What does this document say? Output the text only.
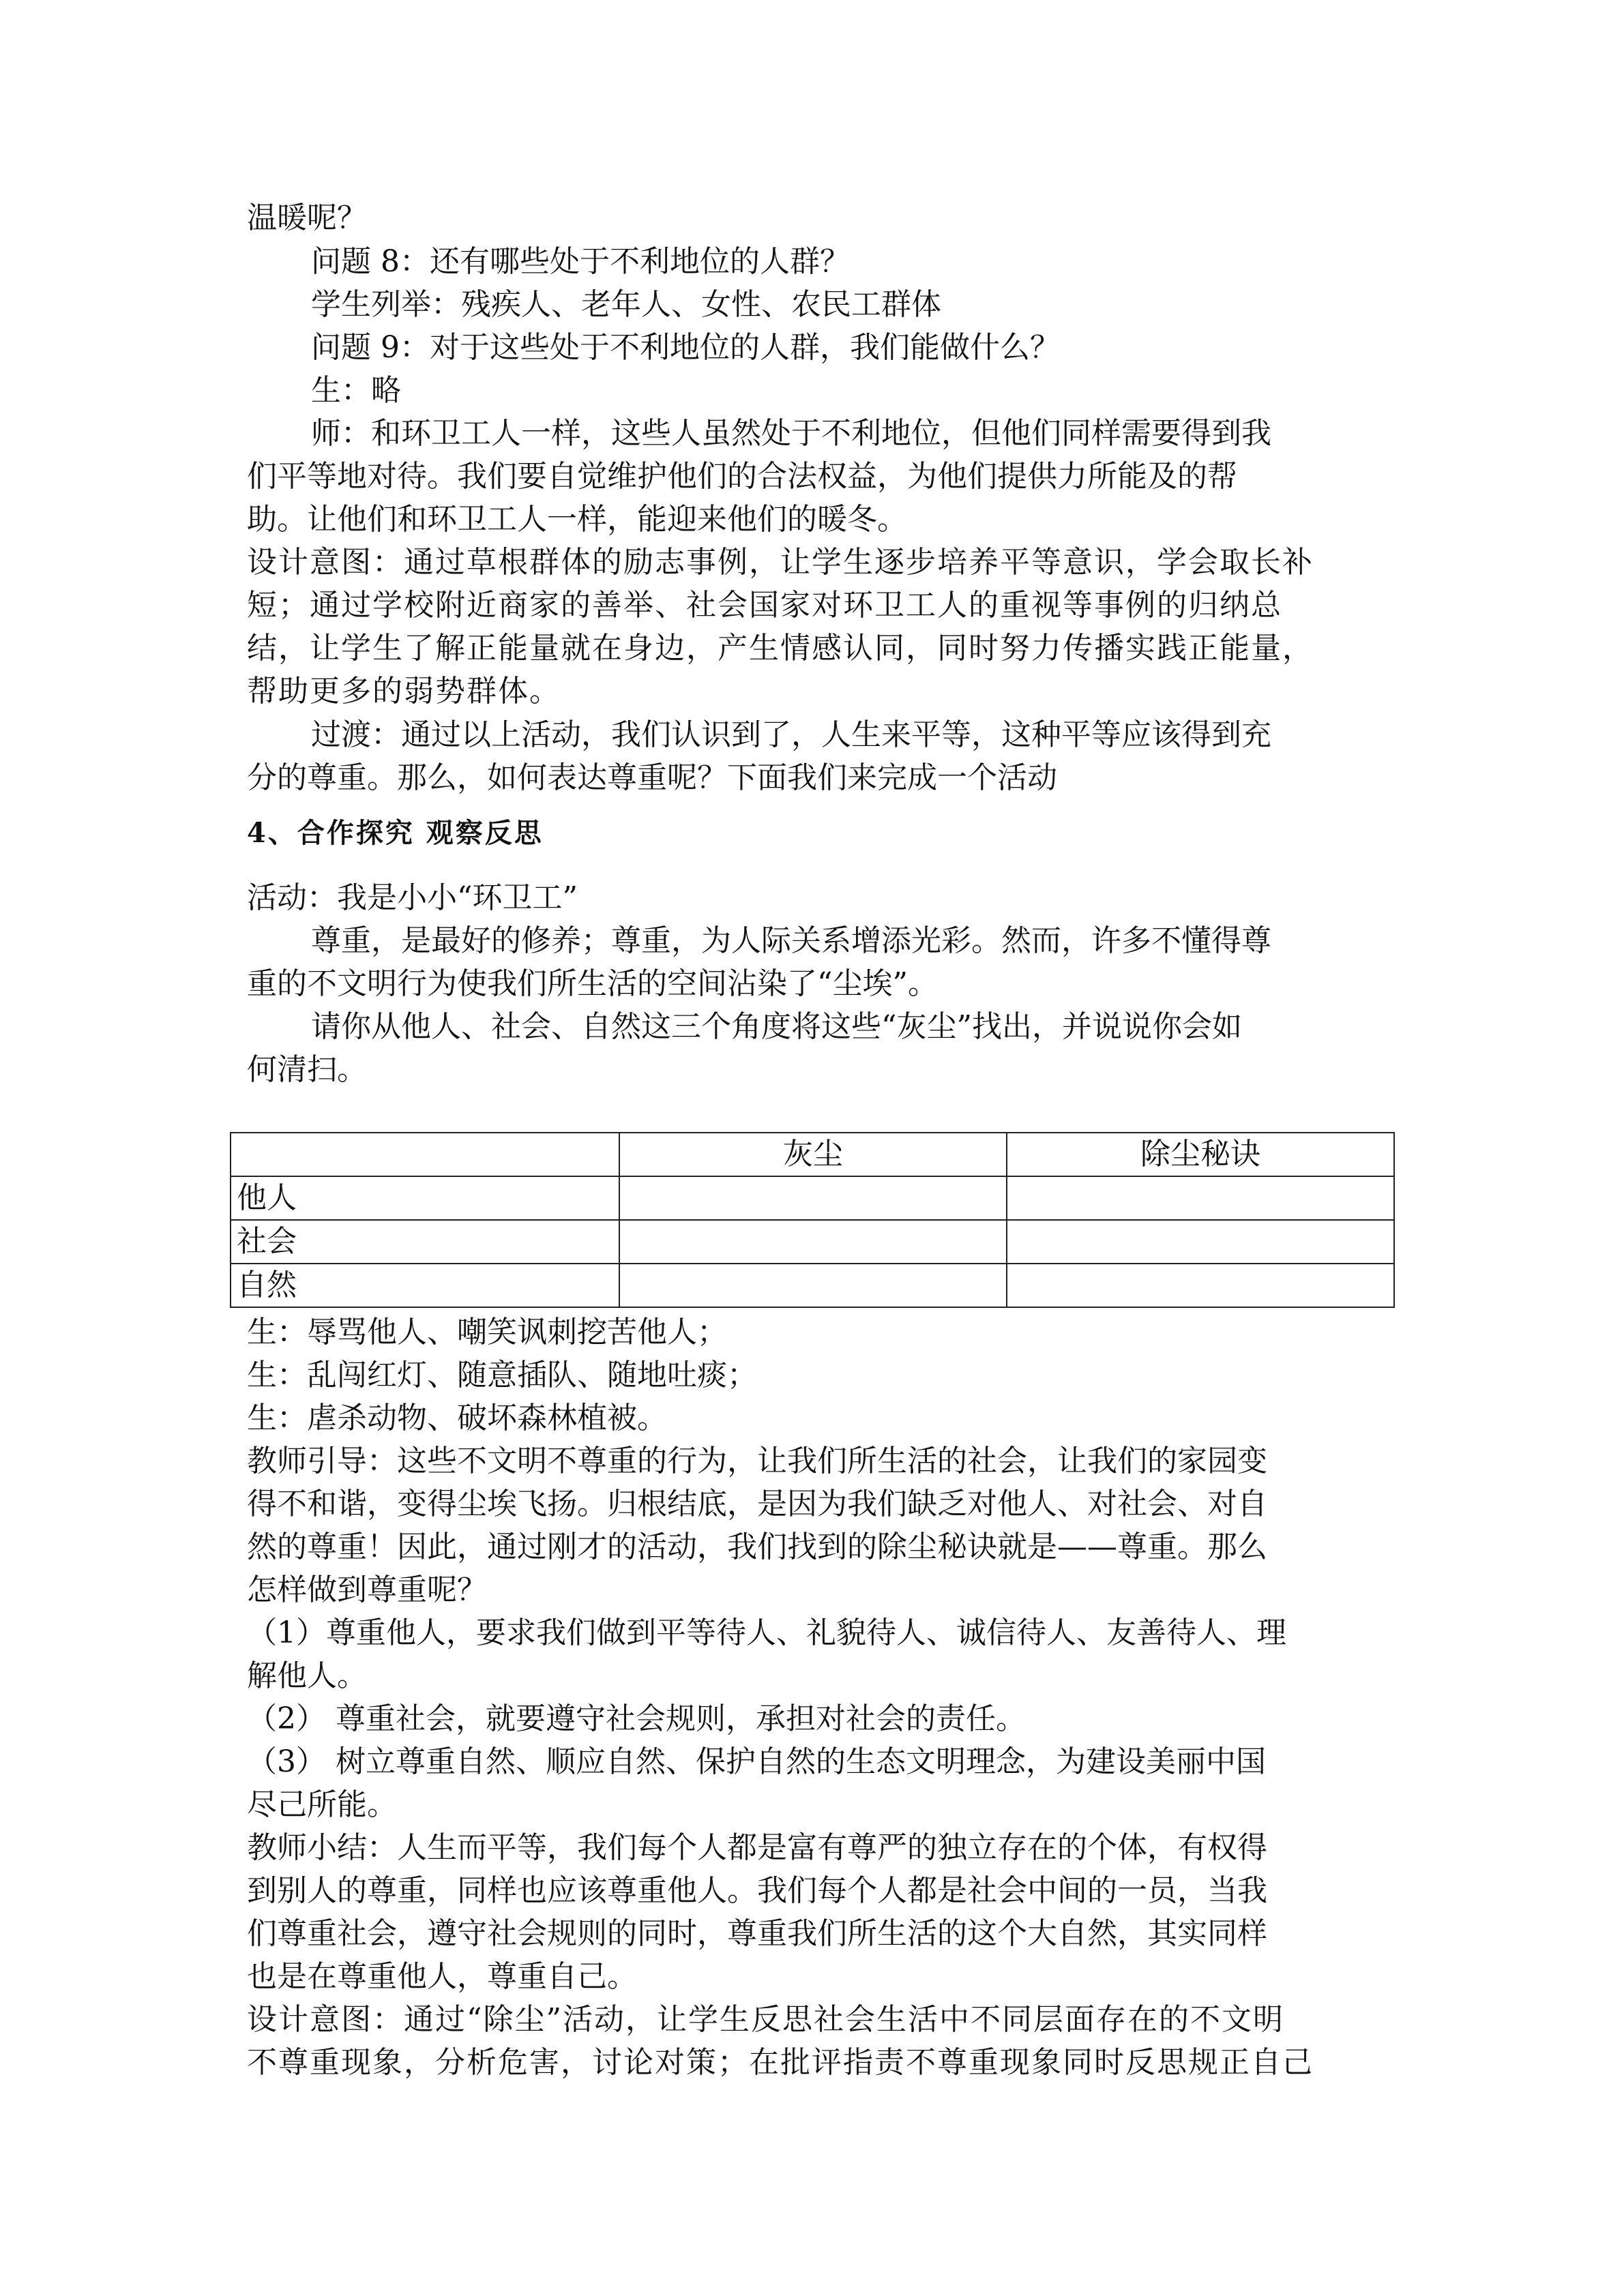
温暖呢？
问题 8：还有哪些处于不利地位的人群？
学生列举：残疾人、老年人、女性、农民工群体
问题 9：对于这些处于不利地位的人群，我们能做什么？
生：略
师：和环卫工人一样，这些人虽然处于不利地位，但他们同样需要得到我
们平等地对待。我们要自觉维护他们的合法权益，为他们提供力所能及的帮
助。让他们和环卫工人一样，能迎来他们的暖冬。
设计意图：通过草根群体的励志事例，让学生逐步培养平等意识，学会取长补
短；通过学校附近商家的善举、社会国家对环卫工人的重视等事例的归纳总
结，让学生了解正能量就在身边，产生情感认同，同时努力传播实践正能量，
帮助更多的弱势群体。
过渡：通过以上活动，我们认识到了，人生来平等，这种平等应该得到充
分的尊重。那么，如何表达尊重呢？下面我们来完成一个活动
4、合作探究 观察反思
活动：我是小小“环卫工”
尊重，是最好的修养；尊重，为人际关系增添光彩。然而，许多不懂得尊
重的不文明行为使我们所生活的空间沾染了“尘埃”。
请你从他人、社会、自然这三个角度将这些“灰尘”找出，并说说你会如
何清扫。
	灰尘	除尘秘诀
他人		
社会		
自然		
生：辱骂他人、嘲笑讽刺挖苦他人；
生：乱闯红灯、随意插队、随地吐痰；
生：虐杀动物、破坏森林植被。
教师引导：这些不文明不尊重的行为，让我们所生活的社会，让我们的家园变
得不和谐，变得尘埃飞扬。归根结底，是因为我们缺乏对他人、对社会、对自
然的尊重！因此，通过刚才的活动，我们找到的除尘秘诀就是——尊重。那么
怎样做到尊重呢？
（1）尊重他人，要求我们做到平等待人、礼貌待人、诚信待人、友善待人、理
解他人。
（2） 尊重社会，就要遵守社会规则，承担对社会的责任。
（3） 树立尊重自然、顺应自然、保护自然的生态文明理念，为建设美丽中国
尽己所能。
教师小结：人生而平等，我们每个人都是富有尊严的独立存在的个体，有权得
到别人的尊重，同样也应该尊重他人。我们每个人都是社会中间的一员，当我
们尊重社会，遵守社会规则的同时，尊重我们所生活的这个大自然，其实同样
也是在尊重他人，尊重自己。
设计意图：通过“除尘”活动，让学生反思社会生活中不同层面存在的不文明
不尊重现象，分析危害，讨论对策；在批评指责不尊重现象同时反思规正自己
